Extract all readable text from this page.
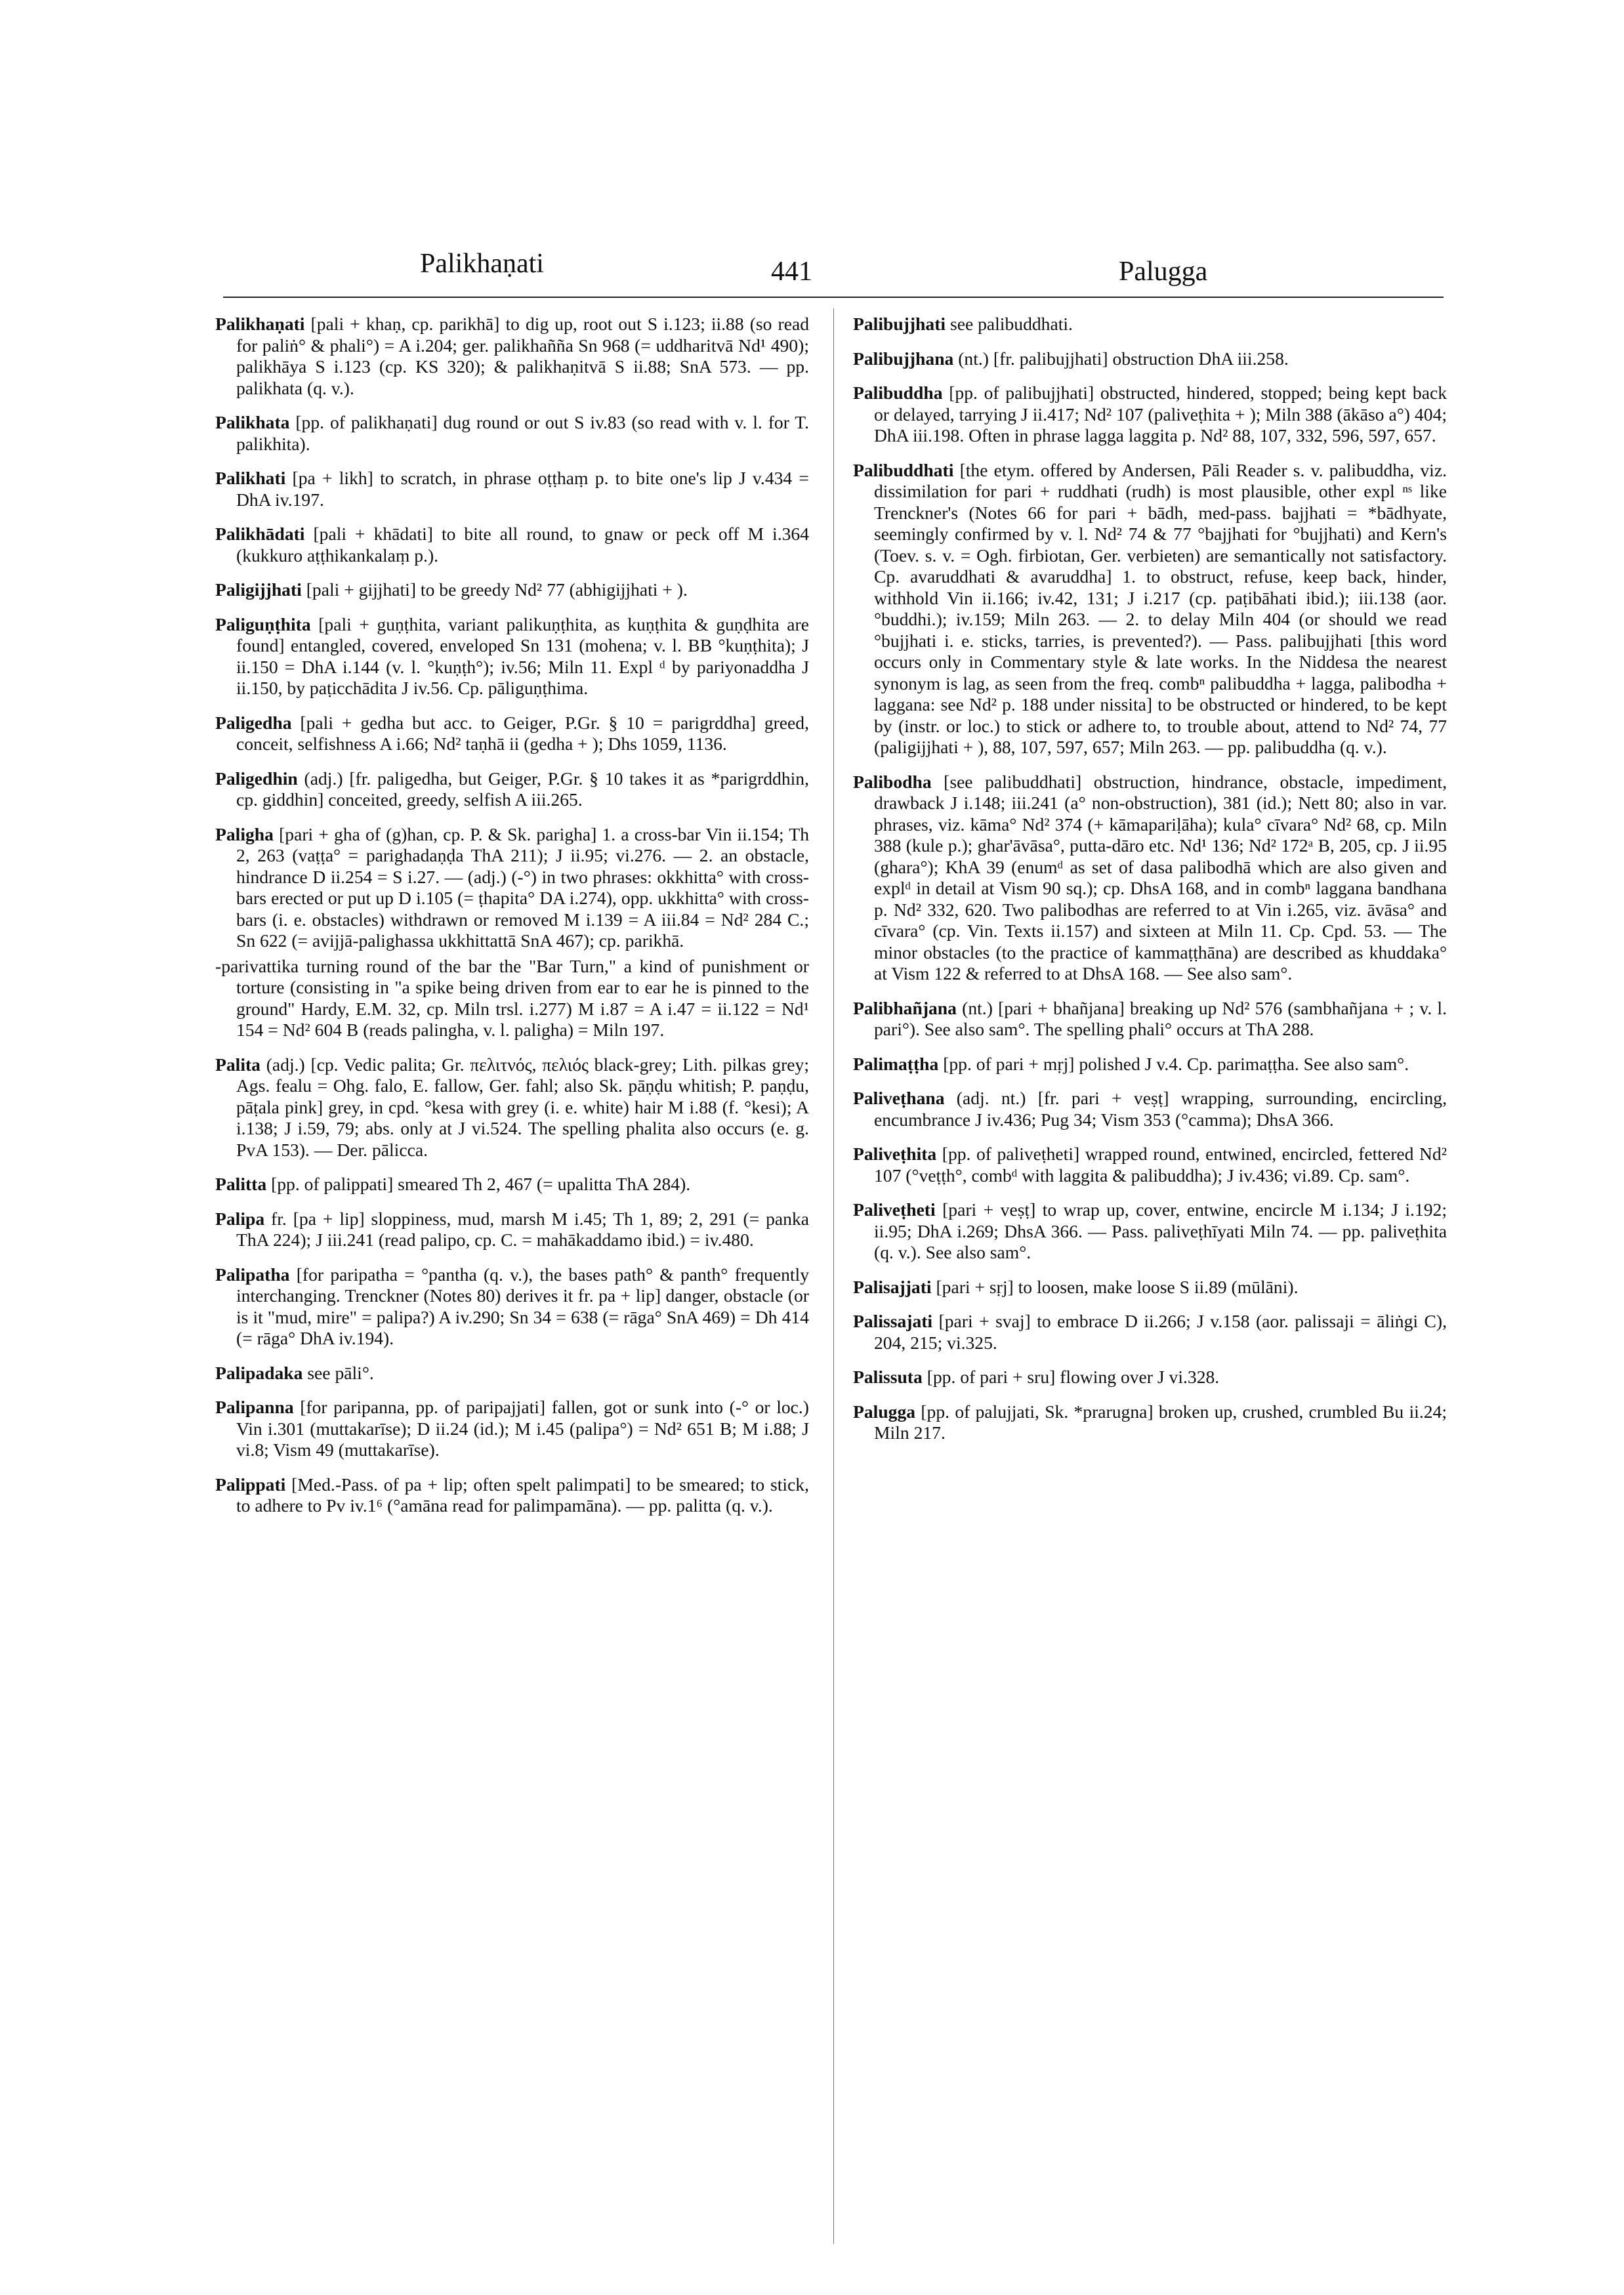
Palikhaṇati	441	Palugga

Palikhaṇati [pali + khaṇ, cp. parikhā] to dig up, root out S i.123; ii.88 (so read for paliṅ° & phali°) = A i.204; ger. palikhañña Sn 968 (= uddharitvā Nd¹ 490); palikhāya S i.123 (cp. KS 320); & palikhaṇitvā S ii.88; SnA 573. — pp. palikhata (q. v.).

Palikhata [pp. of palikhaṇati] dug round or out S iv.83 (so read with v. l. for T. palikhita).

Palikhati [pa + likh] to scratch, in phrase oṭṭhaṃ p. to bite one's lip J v.434 = DhA iv.197.

Palikhādati [pali + khādati] to bite all round, to gnaw or peck off M i.364 (kukkuro aṭṭhikankalaṃ p.).

Paligijjhati [pali + gijjhati] to be greedy Nd² 77 (abhigijjhati + ).

Paliguṇṭhita [pali + guṇṭhita, variant palikuṇṭhita, as kuṇṭhita & guṇḍhita are found] entangled, covered, enveloped Sn 131 (mohena; v. l. BB °kuṇṭhita); J ii.150 = DhA i.144 (v. l. °kuṇṭh°); iv.56; Miln 11. Expl ᵈ by pariyonaddha J ii.150, by paṭicchādita J iv.56. Cp. pāliguṇṭhima.

Paligedha [pali + gedha but acc. to Geiger, P.Gr. § 10 = parigrddha] greed, conceit, selfishness A i.66; Nd² taṇhā ii (gedha + ); Dhs 1059, 1136.

Paligedhin (adj.) [fr. paligedha, but Geiger, P.Gr. § 10 takes it as *parigrddhin, cp. giddhin] conceited, greedy, selfish A iii.265.

Paligha [pari + gha of (g)han, cp. P. & Sk. parigha] 1. a cross-bar Vin ii.154; Th 2, 263 (vaṭṭa° = parighadaṇḍa ThA 211); J ii.95; vi.276. — 2. an obstacle, hindrance D ii.254 = S i.27. — (adj.) (-°) in two phrases: okkhitta° with cross-bars erected or put up D i.105 (= ṭhapita° DA i.274), opp. ukkhitta° with cross-bars (i. e. obstacles) withdrawn or removed M i.139 = A iii.84 = Nd² 284 C.; Sn 622 (= avijjā-palighassa ukkhittattā SnA 467); cp. parikhā.

-parivattika turning round of the bar the "Bar Turn," a kind of punishment or torture (consisting in "a spike being driven from ear to ear he is pinned to the ground" Hardy, E.M. 32, cp. Miln trsl. i.277) M i.87 = A i.47 = ii.122 = Nd¹ 154 = Nd² 604 B (reads palingha, v. l. paligha) = Miln 197.

Palita (adj.) [cp. Vedic palita; Gr. πελιτνός, πελιός black-grey; Lith. pilkas grey; Ags. fealu = Ohg. falo, E. fallow, Ger. fahl; also Sk. pāṇḍu whitish; P. paṇḍu, pāṭala pink] grey, in cpd. °kesa with grey (i. e. white) hair M i.88 (f. °kesi); A i.138; J i.59, 79; abs. only at J vi.524. The spelling phalita also occurs (e. g. PvA 153). — Der. pālicca.

Palitta [pp. of palippati] smeared Th 2, 467 (= upalitta ThA 284).

Palipa fr. [pa + lip] sloppiness, mud, marsh M i.45; Th 1, 89; 2, 291 (= panka ThA 224); J iii.241 (read palipo, cp. C. = mahākaddamo ibid.) = iv.480.

Palipatha [for paripatha = °pantha (q. v.), the bases path° & panth° frequently interchanging. Trenckner (Notes 80) derives it fr. pa + lip] danger, obstacle (or is it "mud, mire" = palipa?) A iv.290; Sn 34 = 638 (= rāga° SnA 469) = Dh 414 (= rāga° DhA iv.194).

Palipadaka see pāli°.

Palipanna [for paripanna, pp. of paripajjati] fallen, got or sunk into (-° or loc.) Vin i.301 (muttakarīse); D ii.24 (id.); M i.45 (palipa°) = Nd² 651 B; M i.88; J vi.8; Vism 49 (muttakarīse).

Palippati [Med.-Pass. of pa + lip; often spelt palimpati] to be smeared; to stick, to adhere to Pv iv.1⁶ (°amāna read for palimpamāna). — pp. palitta (q. v.).

Palibujjhati see palibuddhati.

Palibujjhana (nt.) [fr. palibujjhati] obstruction DhA iii.258.

Palibuddha [pp. of palibujjhati] obstructed, hindered, stopped; being kept back or delayed, tarrying J ii.417; Nd² 107 (paliveṭhita + ); Miln 388 (ākāso a°) 404; DhA iii.198. Often in phrase lagga laggita p. Nd² 88, 107, 332, 596, 597, 657.

Palibuddhati [the etym. offered by Andersen, Pāli Reader s. v. palibuddha, viz. dissimilation for pari + ruddhati (rudh) is most plausible, other expl ⁿˢ like Trenckner's (Notes 66 for pari + bādh, med-pass. bajjhati = *bādhyate, seemingly confirmed by v. l. Nd² 74 & 77 °bajjhati for °bujjhati) and Kern's (Toev. s. v. = Ogh. firbiotan, Ger. verbieten) are semantically not satisfactory. Cp. avaruddhati & avaruddha] 1. to obstruct, refuse, keep back, hinder, withhold Vin ii.166; iv.42, 131; J i.217 (cp. paṭibāhati ibid.); iii.138 (aor. °buddhi.); iv.159; Miln 263. — 2. to delay Miln 404 (or should we read °bujjhati i. e. sticks, tarries, is prevented?). — Pass. palibujjhati [this word occurs only in Commentary style & late works. In the Niddesa the nearest synonym is lag, as seen from the freq. combⁿ palibuddha + lagga, palibodha + laggana: see Nd² p. 188 under nissita] to be obstructed or hindered, to be kept by (instr. or loc.) to stick or adhere to, to trouble about, attend to Nd² 74, 77 (paligijjhati + ), 88, 107, 597, 657; Miln 263. — pp. palibuddha (q. v.).

Palibodha [see palibuddhati] obstruction, hindrance, obstacle, impediment, drawback J i.148; iii.241 (a° non-obstruction), 381 (id.); Nett 80; also in var. phrases, viz. kāma° Nd² 374 (+ kāmapariḷāha); kula° cīvara° Nd² 68, cp. Miln 388 (kule p.); ghar'āvāsa°, putta-dāro etc. Nd¹ 136; Nd² 172ᵃ B, 205, cp. J ii.95 (ghara°); KhA 39 (enumᵈ as set of dasa palibodhā which are also given and explᵈ in detail at Vism 90 sq.); cp. DhsA 168, and in combⁿ laggana bandhana p. Nd² 332, 620. Two palibodhas are referred to at Vin i.265, viz. āvāsa° and cīvara° (cp. Vin. Texts ii.157) and sixteen at Miln 11. Cp. Cpd. 53. — The minor obstacles (to the practice of kammaṭṭhāna) are described as khuddaka° at Vism 122 & referred to at DhsA 168. — See also sam°.

Palibhañjana (nt.) [pari + bhañjana] breaking up Nd² 576 (sambhañjana + ; v. l. pari°). See also sam°. The spelling phali° occurs at ThA 288.

Palimaṭṭha [pp. of pari + mṛj] polished J v.4. Cp. parimaṭṭha. See also sam°.

Paliveṭhana (adj. nt.) [fr. pari + veṣṭ] wrapping, surrounding, encircling, encumbrance J iv.436; Pug 34; Vism 353 (°camma); DhsA 366.

Paliveṭhita [pp. of paliveṭheti] wrapped round, entwined, encircled, fettered Nd² 107 (°veṭṭh°, combᵈ with laggita & palibuddha); J iv.436; vi.89. Cp. sam°.

Paliveṭheti [pari + veṣṭ] to wrap up, cover, entwine, encircle M i.134; J i.192; ii.95; DhA i.269; DhsA 366. — Pass. paliveṭhīyati Miln 74. — pp. paliveṭhita (q. v.). See also sam°.

Palisajjati [pari + sṛj] to loosen, make loose S ii.89 (mūlāni).

Palissajati [pari + svaj] to embrace D ii.266; J v.158 (aor. palissaji = āliṅgi C), 204, 215; vi.325.

Palissuta [pp. of pari + sru] flowing over J vi.328.

Palugga [pp. of palujjati, Sk. *prarugna] broken up, crushed, crumbled Bu ii.24; Miln 217.
